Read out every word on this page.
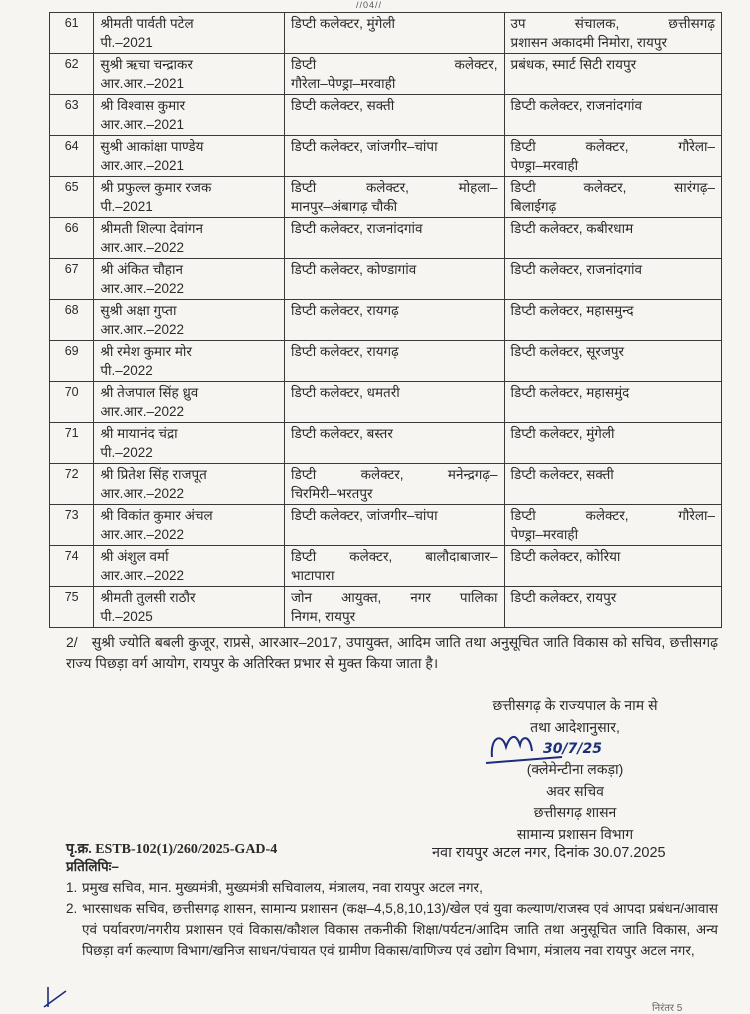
//04//
61	श्रीमती पार्वती पटेल
पी.–2021	डिप्टी कलेक्टर, मुंगेली	उप संचालक, छत्तीसगढ़
प्रशासन अकादमी निमोरा, रायपुर

62	सुश्री ऋचा चन्द्राकर
आर.आर.–2021	डिप्टी कलेक्टर,
गौरेला–पेण्ड्रा–मरवाही	प्रबंधक, स्मार्ट सिटी रायपुर

63	श्री विश्वास कुमार
आर.आर.–2021	डिप्टी कलेक्टर, सक्ती	डिप्टी कलेक्टर, राजनांदगांव

64	सुश्री आकांक्षा पाण्डेय
आर.आर.–2021	डिप्टी कलेक्टर, जांजगीर–चांपा	डिप्टी कलेक्टर, गौरेला–
पेण्ड्रा–मरवाही

65	श्री प्रफुल्ल कुमार रजक
पी.–2021	डिप्टी कलेक्टर, मोहला–
मानपुर–अंबागढ़ चौकी	डिप्टी कलेक्टर, सारंगढ़–
बिलाईगढ़

66	श्रीमती शिल्पा देवांगन
आर.आर.–2022	डिप्टी कलेक्टर, राजनांदगांव	डिप्टी कलेक्टर, कबीरधाम

67	श्री अंकित चौहान
आर.आर.–2022	डिप्टी कलेक्टर, कोण्डागांव	डिप्टी कलेक्टर, राजनांदगांव

68	सुश्री अक्षा गुप्ता
आर.आर.–2022	डिप्टी कलेक्टर, रायगढ़	डिप्टी कलेक्टर, महासमुन्द

69	श्री रमेश कुमार मोर
पी.–2022	डिप्टी कलेक्टर, रायगढ़	डिप्टी कलेक्टर, सूरजपुर

70	श्री तेजपाल सिंह ध्रुव
आर.आर.–2022	डिप्टी कलेक्टर, धमतरी	डिप्टी कलेक्टर, महासमुंद

71	श्री मायानंद चंद्रा
पी.–2022	डिप्टी कलेक्टर, बस्तर	डिप्टी कलेक्टर, मुंगेली

72	श्री प्रितेश सिंह राजपूत
आर.आर.–2022	डिप्टी कलेक्टर, मनेन्द्रगढ़–
चिरमिरी–भरतपुर	डिप्टी कलेक्टर, सक्ती

73	श्री विकांत कुमार अंचल
आर.आर.–2022	डिप्टी कलेक्टर, जांजगीर–चांपा	डिप्टी कलेक्टर, गौरेला–
पेण्ड्रा–मरवाही

74	श्री अंशुल वर्मा
आर.आर.–2022	डिप्टी कलेक्टर, बालौदाबाजार–
भाटापारा	डिप्टी कलेक्टर, कोरिया

75	श्रीमती तुलसी राठौर
पी.–2025	जोन आयुक्त, नगर पालिका
निगम, रायपुर	डिप्टी कलेक्टर, रायपुर
2/ सुश्री ज्योति बबली कुजूर, राप्रसे, आरआर–2017, उपायुक्त, आदिम जाति तथा अनुसूचित जाति विकास को सचिव, छत्तीसगढ़ राज्य पिछड़ा वर्ग आयोग, रायपुर के अतिरिक्त प्रभार से मुक्त किया जाता है।
छत्तीसगढ़ के राज्यपाल के नाम से
तथा आदेशानुसार,
30/7/25
(क्लेमेन्टीना लकड़ा)
अवर सचिव
छत्तीसगढ़ शासन
सामान्य प्रशासन विभाग
पृ.क्र. ESTB-102(1)/260/2025-GAD-4	नवा रायपुर अटल नगर, दिनांक 30.07.2025
प्रतिलिपिः–
1. प्रमुख सचिव, मान. मुख्यमंत्री, मुख्यमंत्री सचिवालय, मंत्रालय, नवा रायपुर अटल नगर,
2. भारसाधक सचिव, छत्तीसगढ़ शासन, सामान्य प्रशासन (कक्ष–4,5,8,10,13)/खेल एवं युवा कल्याण/राजस्व एवं आपदा प्रबंधन/आवास एवं पर्यावरण/नगरीय प्रशासन एवं विकास/कौशल विकास तकनीकी शिक्षा/पर्यटन/आदिम जाति तथा अनुसूचित जाति विकास, अन्य पिछड़ा वर्ग कल्याण विभाग/खनिज साधन/पंचायत एवं ग्रामीण विकास/वाणिज्य एवं उद्योग विभाग, मंत्रालय नवा रायपुर अटल नगर,
निरंतर 5
